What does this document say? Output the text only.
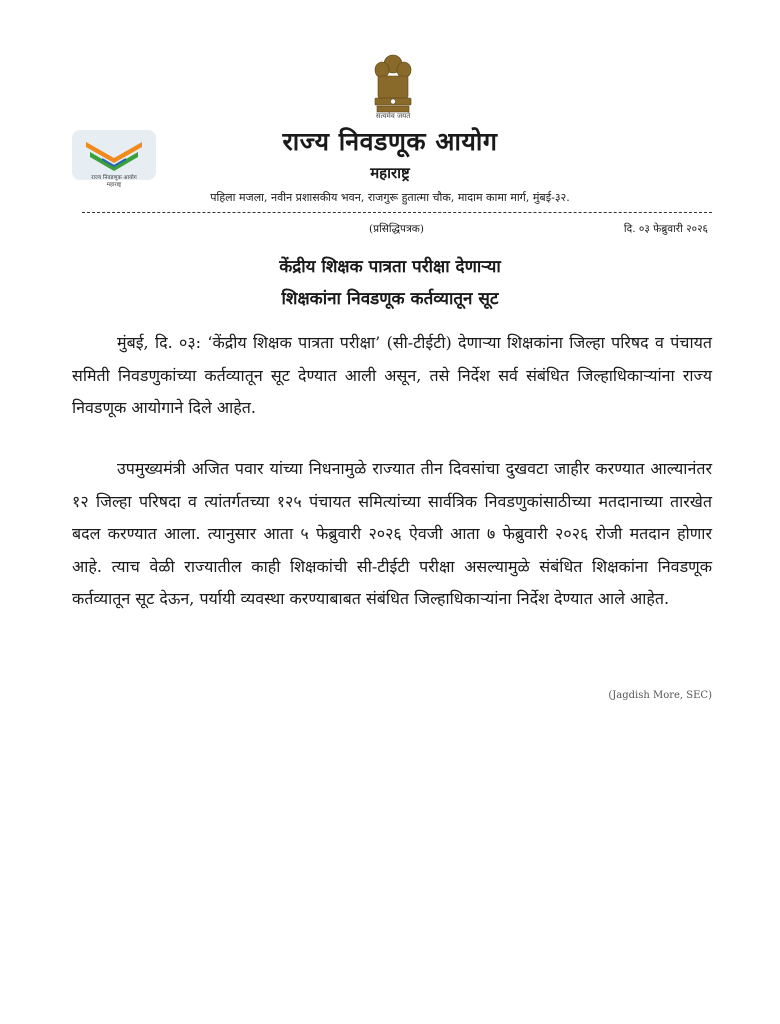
सत्यमेव जयते
राज्य निवडणूक आयोग
महाराष्ट्र
राज्य निवडणूक आयोग
महाराष्ट्र
पहिला मजला, नवीन प्रशासकीय भवन, राजगुरू हुतात्मा चौक, मादाम कामा मार्ग, मुंबई-३२.
(प्रसिद्धिपत्रक)	दि. ०३ फेब्रुवारी २०२६
केंद्रीय शिक्षक पात्रता परीक्षा देणाऱ्या
शिक्षकांना निवडणूक कर्तव्यातून सूट

मुंबई, दि. ०३: ‘केंद्रीय शिक्षक पात्रता परीक्षा’ (सी-टीईटी) देणाऱ्या शिक्षकांना जिल्हा परिषद व पंचायत समिती निवडणुकांच्या कर्तव्यातून सूट देण्यात आली असून, तसे निर्देश सर्व संबंधित जिल्हाधिकाऱ्यांना राज्य निवडणूक आयोगाने दिले आहेत.

उपमुख्यमंत्री अजित पवार यांच्या निधनामुळे राज्यात तीन दिवसांचा दुखवटा जाहीर करण्यात आल्यानंतर १२ जिल्हा परिषदा व त्यांतर्गतच्या १२५ पंचायत समित्यांच्या सार्वत्रिक निवडणुकांसाठीच्या मतदानाच्या तारखेत बदल करण्यात आला. त्यानुसार आता ५ फेब्रुवारी २०२६ ऐवजी आता ७ फेब्रुवारी २०२६ रोजी मतदान होणार आहे. त्याच वेळी राज्यातील काही शिक्षकांची सी-टीईटी परीक्षा असल्यामुळे संबंधित शिक्षकांना निवडणूक कर्तव्यातून सूट देऊन, पर्यायी व्यवस्था करण्याबाबत संबंधित जिल्हाधिकाऱ्यांना निर्देश देण्यात आले आहेत.

(Jagdish More, SEC)
